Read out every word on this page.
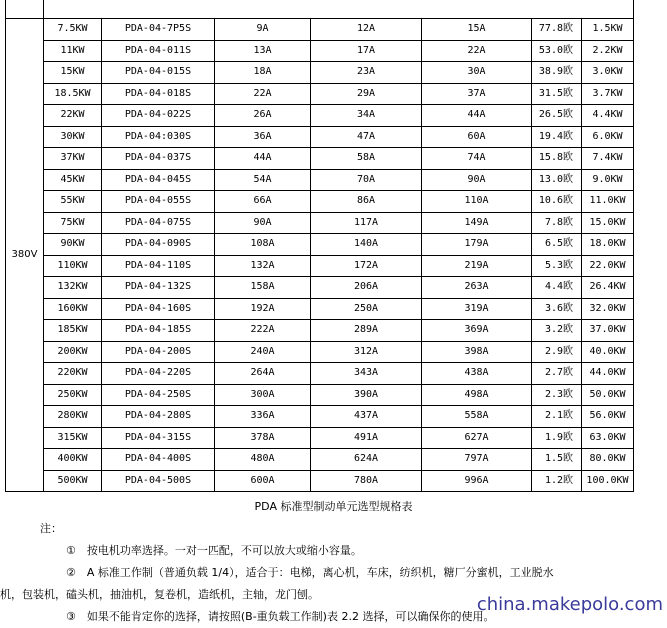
380V	7.5KW	PDA-04-7P5S	9A	12A	15A	77.8欧	1.5KW
	11KW	PDA-04-011S	13A	17A	22A	53.0欧	2.2KW
	15KW	PDA-04-015S	18A	23A	30A	38.9欧	3.0KW
	18.5KW	PDA-04-018S	22A	29A	37A	31.5欧	3.7KW
	22KW	PDA-04-022S	26A	34A	44A	26.5欧	4.4KW
	30KW	PDA-04:030S	36A	47A	60A	19.4欧	6.0KW
	37KW	PDA-04-037S	44A	58A	74A	15.8欧	7.4KW
	45KW	PDA-04-045S	54A	70A	90A	13.0欧	9.0KW
	55KW	PDA-04-055S	66A	86A	110A	10.6欧	11.0KW
	75KW	PDA-04-075S	90A	117A	149A	7.8欧	15.0KW
	90KW	PDA-04-090S	108A	140A	179A	6.5欧	18.0KW
	110KW	PDA-04-110S	132A	172A	219A	5.3欧	22.0KW
	132KW	PDA-04-132S	158A	206A	263A	4.4欧	26.4KW
	160KW	PDA-04-160S	192A	250A	319A	3.6欧	32.0KW
	185KW	PDA-04-185S	222A	289A	369A	3.2欧	37.0KW
	200KW	PDA-04-200S	240A	312A	398A	2.9欧	40.0KW
	220KW	PDA-04-220S	264A	343A	438A	2.7欧	44.0KW
	250KW	PDA-04-250S	300A	390A	498A	2.3欧	50.0KW
	280KW	PDA-04-280S	336A	437A	558A	2.1欧	56.0KW
	315KW	PDA-04-315S	378A	491A	627A	1.9欧	63.0KW
	400KW	PDA-04-400S	480A	624A	797A	1.5欧	80.0KW
	500KW	PDA-04-500S	600A	780A	996A	1.2欧	100.0KW
PDA 标准型制动单元选型规格表
注：
①　按电机功率选择。一对一匹配，不可以放大或缩小容量。
②　A 标准工作制（普通负载 1/4），适合于：电梯，离心机，车床，纺织机，糖厂分蜜机，工业脱水
机，包装机，磕头机，抽油机，复卷机，造纸机，主轴，龙门刨。
③　如果不能肯定你的选择，请按照(B-重负载工作制)表 2.2 选择，可以确保你的使用。
china.makepolo.com
